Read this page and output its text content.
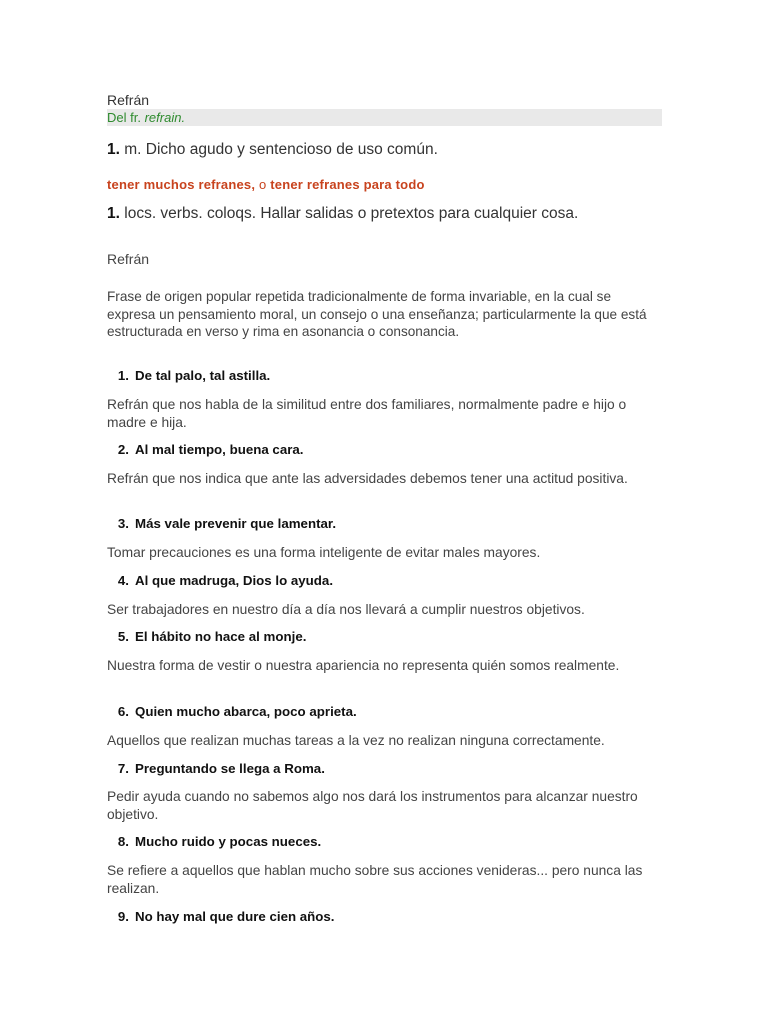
Refrán
Del fr. refrain.
1. m. Dicho agudo y sentencioso de uso común.
tener muchos refranes, o tener refranes para todo
1. locs. verbs. coloqs. Hallar salidas o pretextos para cualquier cosa.
Refrán
Frase de origen popular repetida tradicionalmente de forma invariable, en la cual se expresa un pensamiento moral, un consejo o una enseñanza; particularmente la que está estructurada en verso y rima en asonancia o consonancia.
1. De tal palo, tal astilla.
Refrán que nos habla de la similitud entre dos familiares, normalmente padre e hijo o madre e hija.
2. Al mal tiempo, buena cara.
Refrán que nos indica que ante las adversidades debemos tener una actitud positiva.
3. Más vale prevenir que lamentar.
Tomar precauciones es una forma inteligente de evitar males mayores.
4. Al que madruga, Dios lo ayuda.
Ser trabajadores en nuestro día a día nos llevará a cumplir nuestros objetivos.
5. El hábito no hace al monje.
Nuestra forma de vestir o nuestra apariencia no representa quién somos realmente.
6. Quien mucho abarca, poco aprieta.
Aquellos que realizan muchas tareas a la vez no realizan ninguna correctamente.
7. Preguntando se llega a Roma.
Pedir ayuda cuando no sabemos algo nos dará los instrumentos para alcanzar nuestro objetivo.
8. Mucho ruido y pocas nueces.
Se refiere a aquellos que hablan mucho sobre sus acciones venideras... pero nunca las realizan.
9. No hay mal que dure cien años.
